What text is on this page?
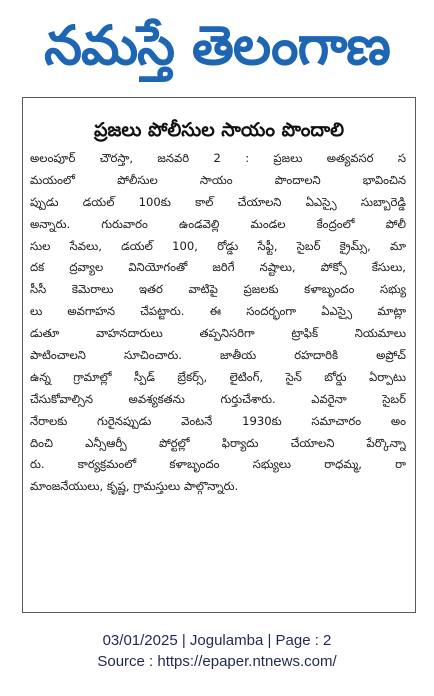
నమస్తే తెలంగాణ
ప్రజలు పోలీసుల సాయం పొందాలి
అలంపూర్ చౌరస్తా, జనవరి 2 : ప్రజలు అత్యవసర స
మయంలో పోలీసుల సాయం పొందాలని భావించిన
ప్పుడు డయల్ 100కు కాల్ చేయాలని ఏఎస్సై సుబ్బారెడ్డి
అన్నారు. గురువారం ఉండవెల్లి మండల కేంద్రంలో పోలీ
సుల సేవలు, డయల్ 100, రోడ్డు సేఫ్టీ, సైబర్ క్రైమ్స్, మా
దక ద్రవ్యాల వినియోగంతో జరిగే నష్టాలు, పోక్సో కేసులు,
సీసీ కెమెరాలు ఇతర వాటిపై ప్రజలకు కళాబృందం సభ్యు
లు అవగాహన చేపట్టారు. ఈ సందర్భంగా ఏఎస్సై మాట్లా
డుతూ వాహనదారులు తప్పనిసరిగా ట్రాఫిక్ నియమాలు
పాటించాలని సూచించారు. జాతీయ రహదారికి అప్రోచ్
ఉన్న గ్రామాల్లో స్పీడ్ బ్రేకర్స్, లైటింగ్, సైన్ బోర్డు ఏర్పాటు
చేసుకోవాల్సిన అవశ్యకతను గుర్తుచేశారు. ఎవరైనా సైబర్
నేరాలకు గురైనప్పుడు వెంటనే 1930కు సమాచారం అం
దించి ఎన్సీఆర్పీ పోర్టల్లో ఫిర్యాదు చేయాలని పేర్కొన్నా
రు. కార్యక్రమంలో కళాబృందం సభ్యులు రాధమ్మ, రా
మాంజనేయులు, కృష్ణ, గ్రామస్తులు పాల్గొన్నారు.
03/01/2025 | Jogulamba | Page : 2
Source : https://epaper.ntnews.com/
